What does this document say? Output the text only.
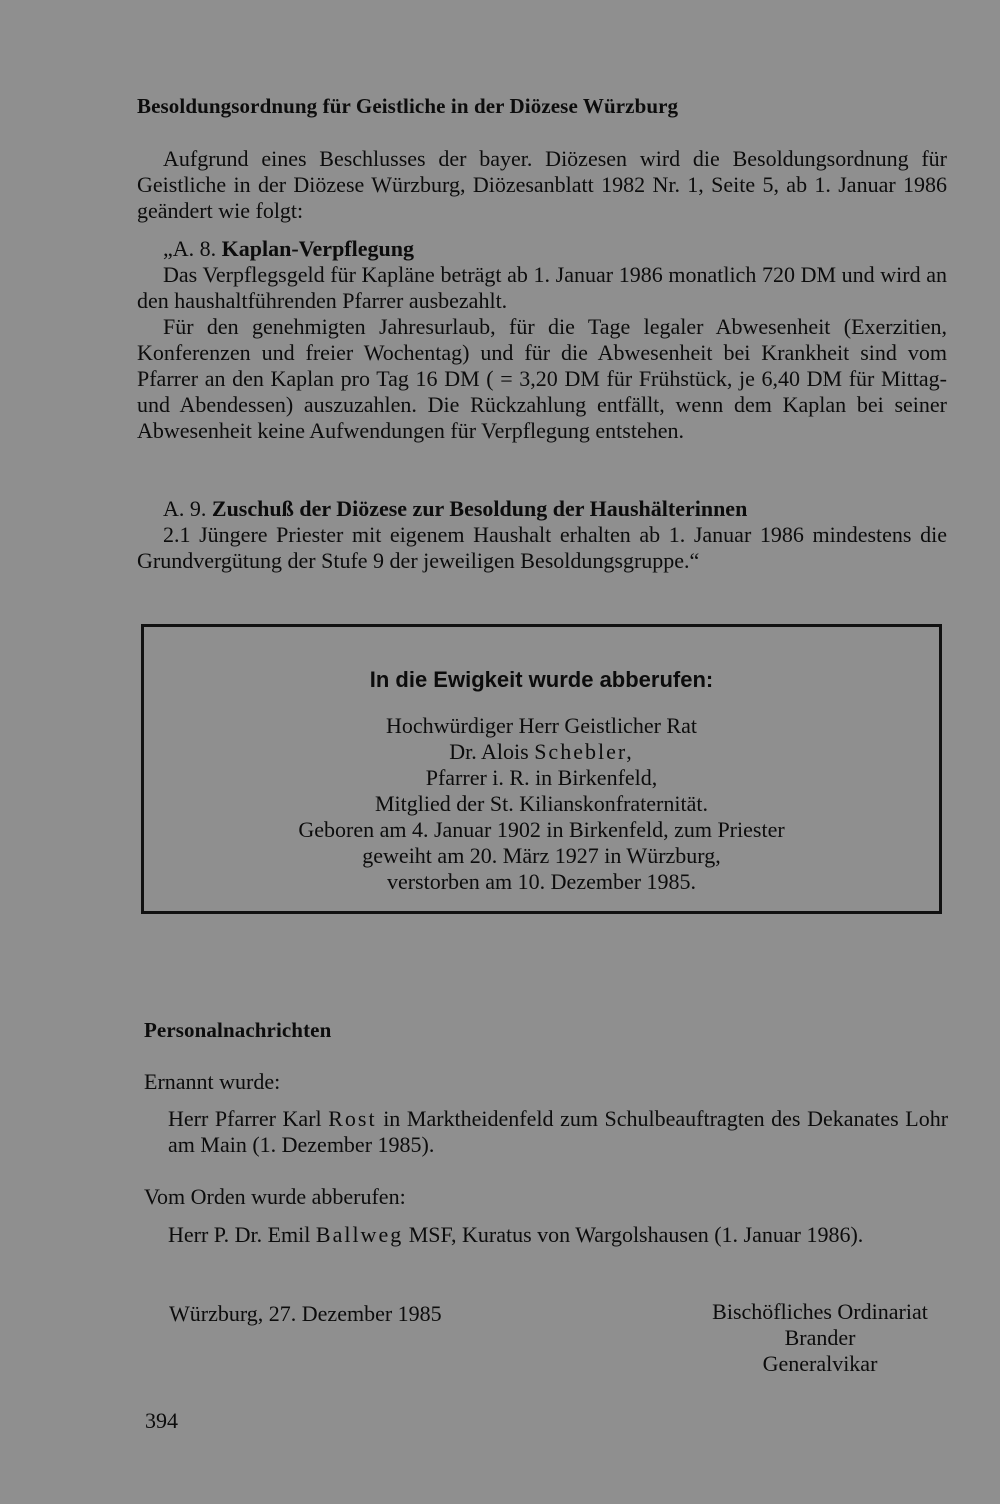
Besoldungsordnung für Geistliche in der Diözese Würzburg

Aufgrund eines Beschlusses der bayer. Diözesen wird die Besoldungsordnung für Geistliche in der Diözese Würzburg, Diözesanblatt 1982 Nr. 1, Seite 5, ab 1. Januar 1986 geändert wie folgt:

„A. 8. Kaplan-Verpflegung

Das Verpflegsgeld für Kapläne beträgt ab 1. Januar 1986 monatlich 720 DM und wird an den haushaltführenden Pfarrer ausbezahlt.

Für den genehmigten Jahresurlaub, für die Tage legaler Abwesenheit (Exerzitien, Konferenzen und freier Wochentag) und für die Abwesenheit bei Krankheit sind vom Pfarrer an den Kaplan pro Tag 16 DM ( = 3,20 DM für Frühstück, je 6,40 DM für Mittag- und Abendessen) auszuzahlen. Die Rückzahlung entfällt, wenn dem Kaplan bei seiner Abwesenheit keine Aufwendungen für Verpflegung entstehen.

A. 9. Zuschuß der Diözese zur Besoldung der Haushälterinnen

2.1 Jüngere Priester mit eigenem Haushalt erhalten ab 1. Januar 1986 mindestens die Grundvergütung der Stufe 9 der jeweiligen Besoldungsgruppe.“

In die Ewigkeit wurde abberufen:
Hochwürdiger Herr Geistlicher Rat
Dr. Alois Schebler,
Pfarrer i. R. in Birkenfeld,
Mitglied der St. Kilianskonfraternität.
Geboren am 4. Januar 1902 in Birkenfeld, zum Priester
geweiht am 20. März 1927 in Würzburg,
verstorben am 10. Dezember 1985.
Personalnachrichten
Ernannt wurde:

Herr Pfarrer Karl Rost in Marktheidenfeld zum Schulbeauftragten des Dekanates Lohr am Main (1. Dezember 1985).

Vom Orden wurde abberufen:

Herr P. Dr. Emil Ballweg MSF, Kuratus von Wargolshausen (1. Januar 1986).

Würzburg, 27. Dezember 1985	Bischöfliches Ordinariat
Brander
Generalvikar
394
